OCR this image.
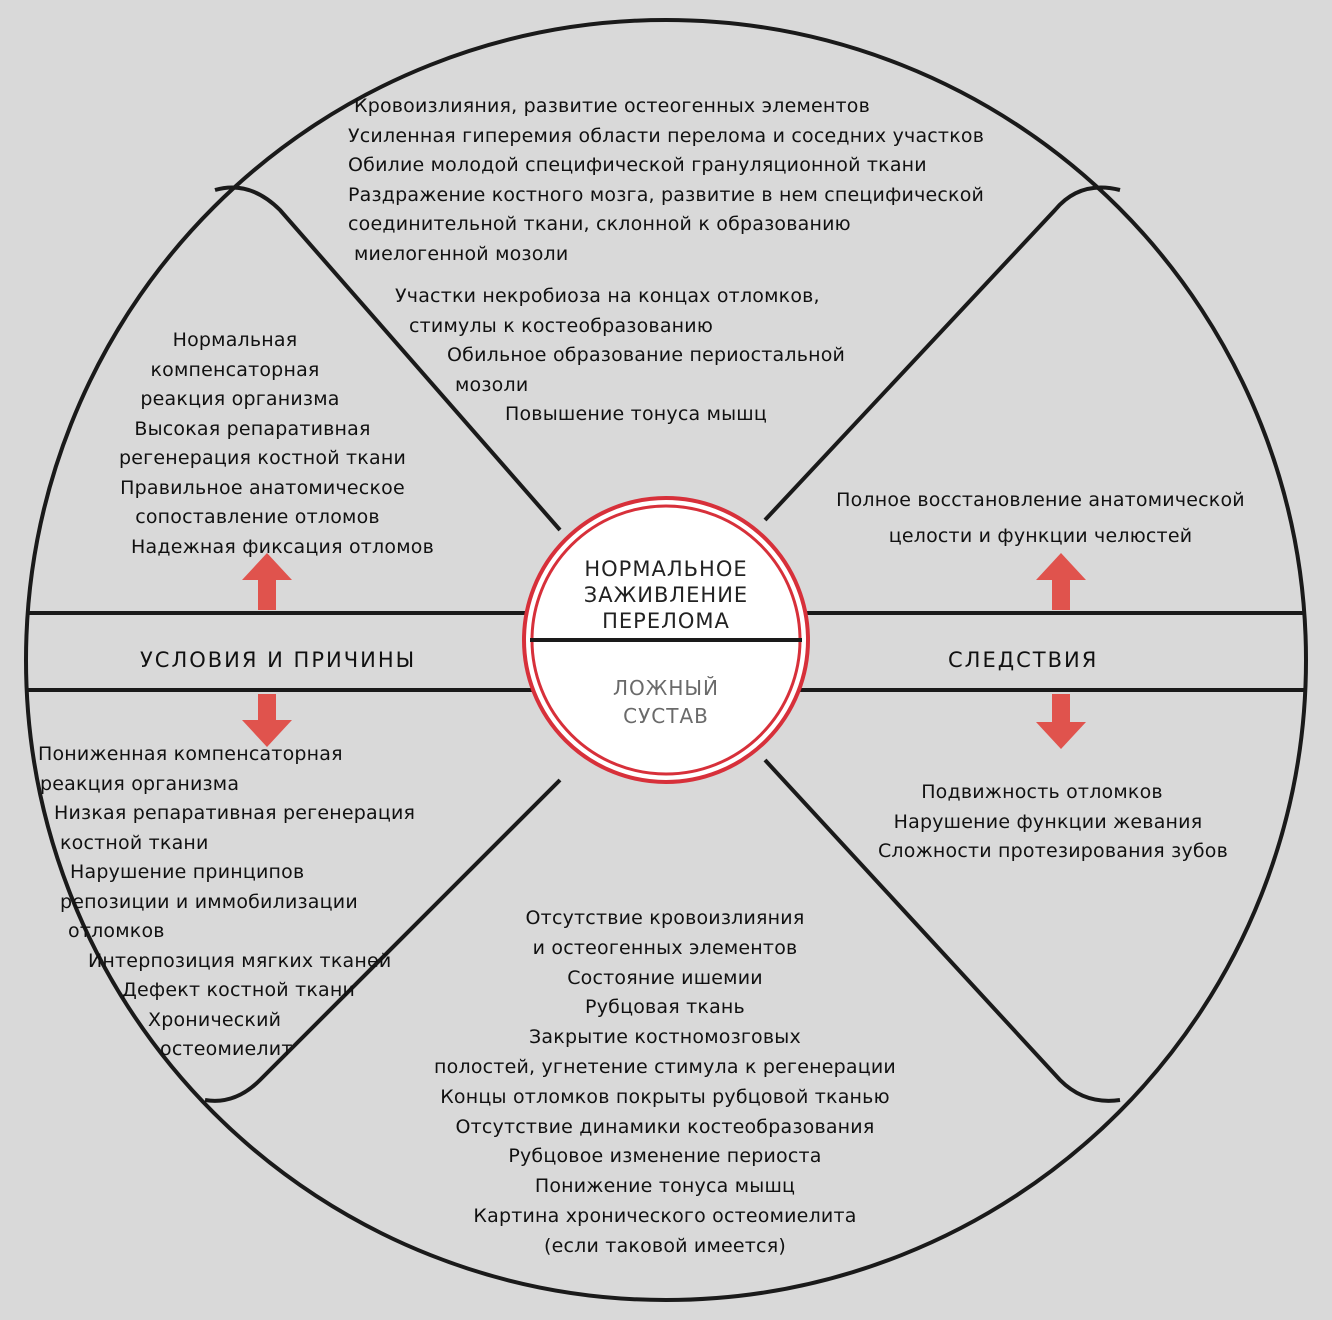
Кровоизлияния, развитие остеогенных элементов
Усиленная гиперемия области перелома и соседних участков
Обилие молодой специфической грануляционной ткани
Раздражение костного мозга, развитие в нем специфической
соединительной ткани, склонной к образованию
миелогенной мозоли
Участки некробиоза на концах отломков,
стимулы к костеобразованию
Обильное образование периостальной
мозоли
Повышение тонуса мышц
Нормальная
компенсаторная
реакция организма
Высокая репаративная
регенерация костной ткани
Правильное анатомическое
сопоставление отломов
Надежная фиксация отломов
Полное восстановление анатомической
целости и функции челюстей
УСЛОВИЯ И ПРИЧИНЫ	СЛЕДСТВИЯ
НОРМАЛЬНОЕ
ЗАЖИВЛЕНИЕ
ПЕРЕЛОМА
ЛОЖНЫЙ
СУСТАВ
Пониженная компенсаторная
реакция организма
Низкая репаративная регенерация
костной ткани
Нарушение принципов
репозиции и иммобилизации
отломков
Интерпозиция мягких тканей
Дефект костной ткани
Хронический
остеомиелит
Подвижность отломков
Нарушение функции жевания
Сложности протезирования зубов
Отсутствие кровоизлияния
и остеогенных элементов
Состояние ишемии
Рубцовая ткань
Закрытие костномозговых
полостей, угнетение стимула к регенерации
Концы отломков покрыты рубцовой тканью
Отсутствие динамики костеобразования
Рубцовое изменение периоста
Понижение тонуса мышц
Картина хронического остеомиелита
(если таковой имеется)
